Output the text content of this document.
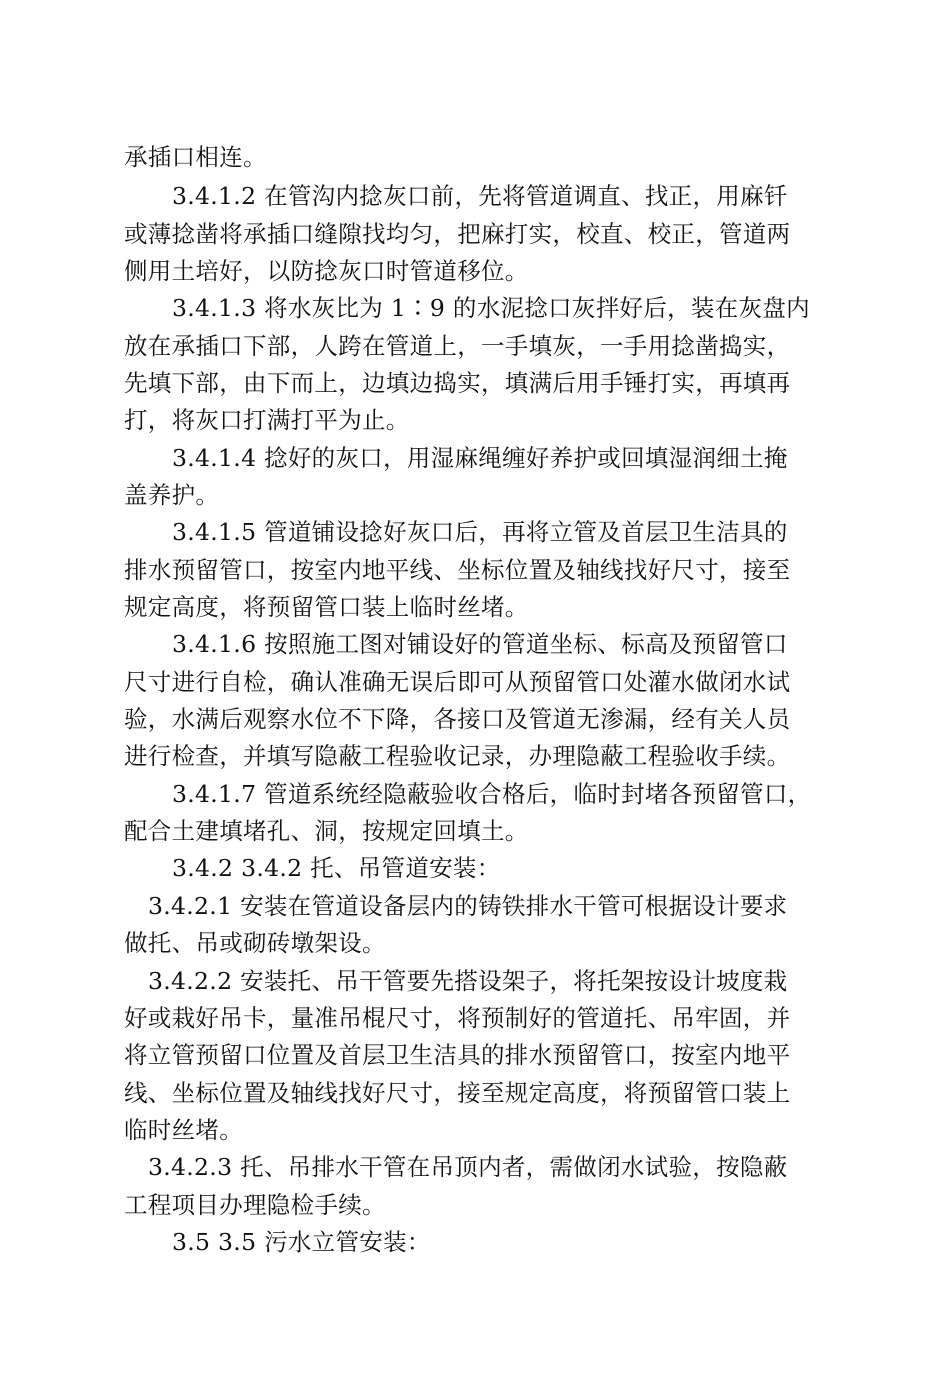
承插口相连。
3.4.1.2 在管沟内捻灰口前，先将管道调直、找正，用麻钎
或薄捻凿将承插口缝隙找均匀，把麻打实，校直、校正，管道两
侧用土培好，以防捻灰口时管道移位。
3.4.1.3 将水灰比为 1∶9 的水泥捻口灰拌好后，装在灰盘内
放在承插口下部，人跨在管道上，一手填灰，一手用捻凿捣实，
先填下部，由下而上，边填边捣实，填满后用手锤打实，再填再
打，将灰口打满打平为止。
3.4.1.4 捻好的灰口，用湿麻绳缠好养护或回填湿润细土掩
盖养护。
3.4.1.5 管道铺设捻好灰口后，再将立管及首层卫生洁具的
排水预留管口，按室内地平线、坐标位置及轴线找好尺寸，接至
规定高度，将预留管口装上临时丝堵。
3.4.1.6 按照施工图对铺设好的管道坐标、标高及预留管口
尺寸进行自检，确认准确无误后即可从预留管口处灌水做闭水试
验，水满后观察水位不下降，各接口及管道无渗漏，经有关人员
进行检查，并填写隐蔽工程验收记录，办理隐蔽工程验收手续。
3.4.1.7 管道系统经隐蔽验收合格后，临时封堵各预留管口，
配合土建填堵孔、洞，按规定回填土。
3.4.2 3.4.2 托、吊管道安装：
3.4.2.1 安装在管道设备层内的铸铁排水干管可根据设计要求
做托、吊或砌砖墩架设。
3.4.2.2 安装托、吊干管要先搭设架子，将托架按设计坡度栽
好或栽好吊卡，量准吊棍尺寸，将预制好的管道托、吊牢固，并
将立管预留口位置及首层卫生洁具的排水预留管口，按室内地平
线、坐标位置及轴线找好尺寸，接至规定高度，将预留管口装上
临时丝堵。
3.4.2.3 托、吊排水干管在吊顶内者，需做闭水试验，按隐蔽
工程项目办理隐检手续。
3.5 3.5 污水立管安装：
